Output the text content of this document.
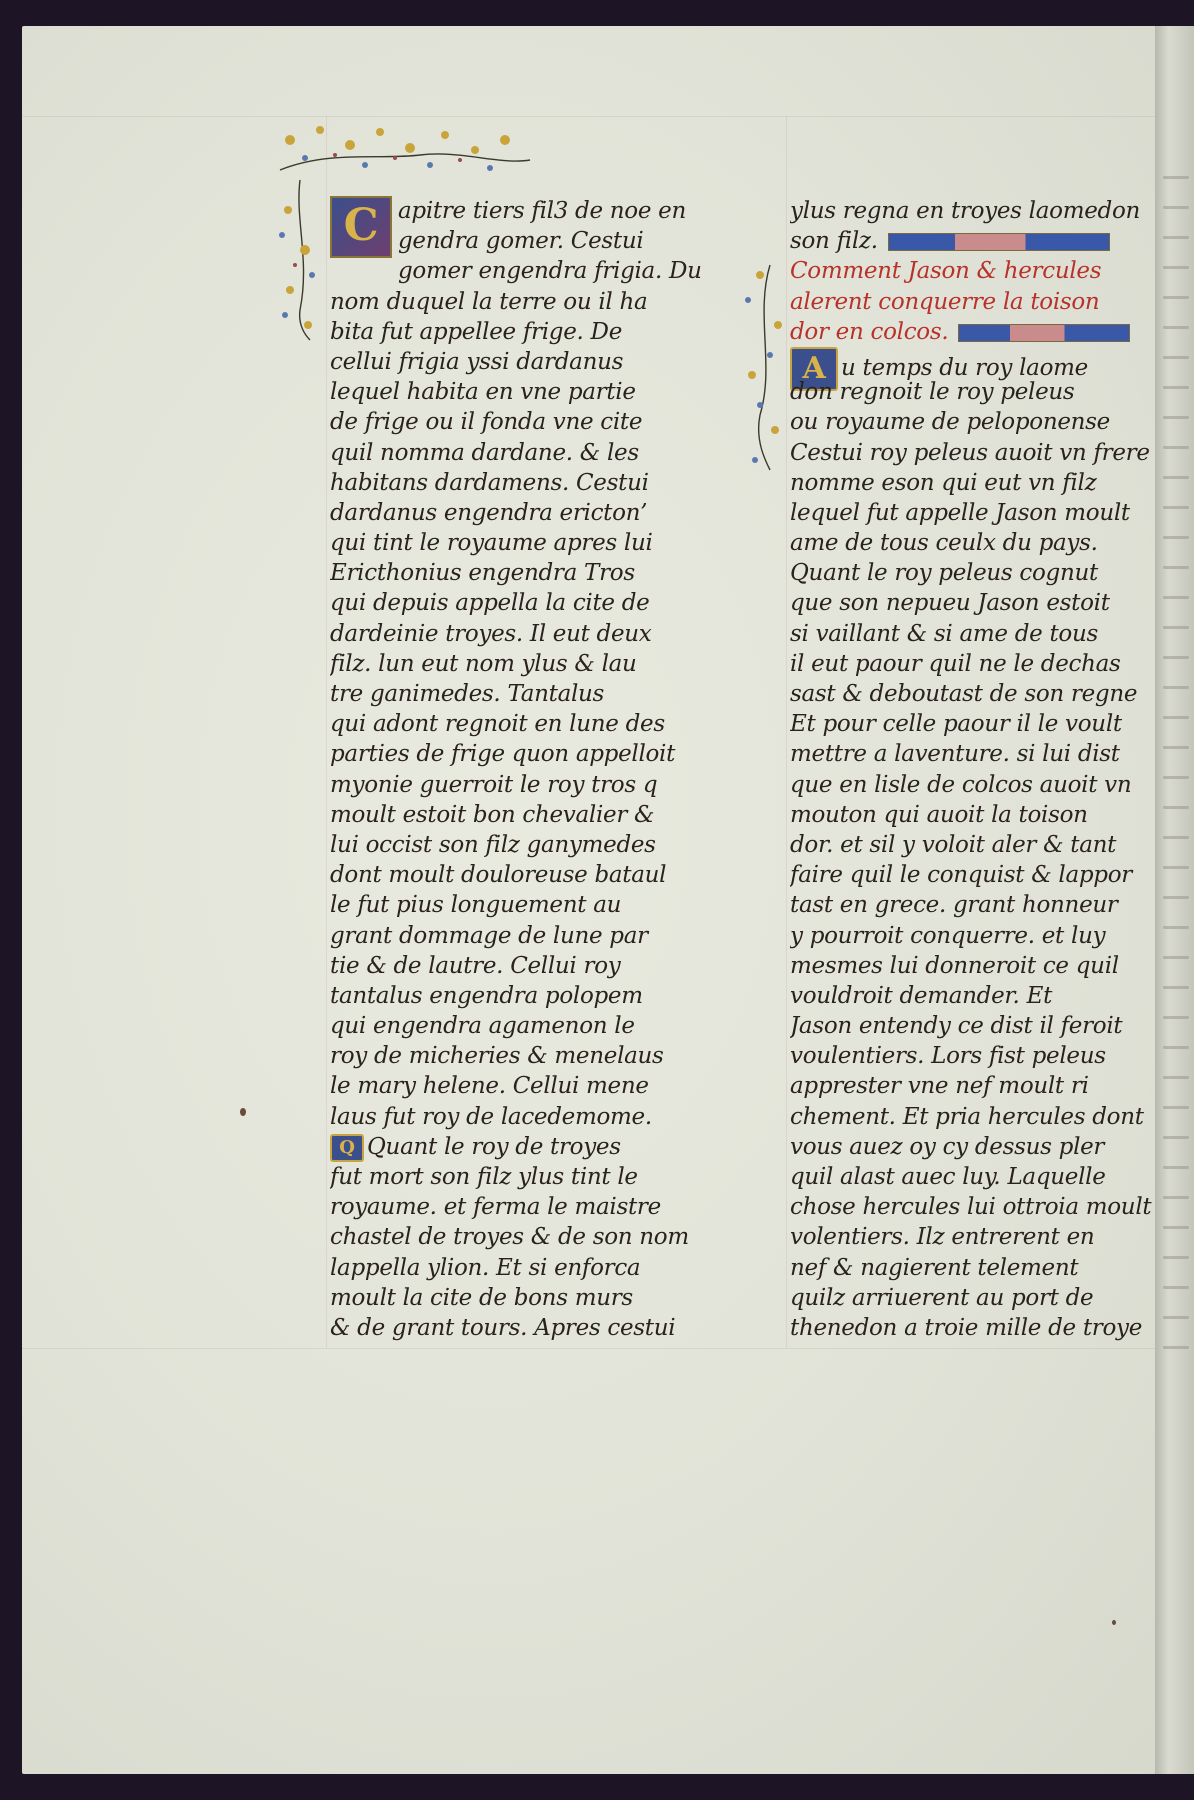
C apitre tiers fil3 de noe en
gendra gomer. Cestui
gomer engendra frigia. Du
nom duquel la terre ou il ha
bita fut appellee frige. De
cellui frigia yssi dardanus
lequel habita en vne partie
de frige ou il fonda vne cite
quil nomma dardane. & les
habitans dardamens. Cestui
dardanus engendra ericton’
qui tint le royaume apres lui
Ericthonius engendra Tros
qui depuis appella la cite de
dardeinie troyes. Il eut deux
filz. lun eut nom ylus & lau
tre ganimedes. Tantalus
qui adont regnoit en lune des
parties de frige quon appelloit
myonie guerroit le roy tros q
moult estoit bon chevalier &
lui occist son filz ganymedes
dont moult douloreuse bataul
le fut pius longuement au
grant dommage de lune par
tie & de lautre. Cellui roy
tantalus engendra polopem
qui engendra agamenon le
roy de micheries & menelaus
le mary helene. Cellui mene
laus fut roy de lacedemome.
Q Quant le roy de troyes
fut mort son filz ylus tint le
royaume. et ferma le maistre
chastel de troyes & de son nom
lappella ylion. Et si enforca
moult la cite de bons murs
& de grant tours. Apres cestui
ylus regna en troyes laomedon
son filz.
Comment Jason & hercules
alerent conquerre la toison
dor en colcos.
A u temps du roy laome
don regnoit le roy peleus
ou royaume de peloponense
Cestui roy peleus auoit vn frere
nomme eson qui eut vn filz
lequel fut appelle Jason moult
ame de tous ceulx du pays.
Quant le roy peleus cognut
que son nepueu Jason estoit
si vaillant & si ame de tous
il eut paour quil ne le dechas
sast & deboutast de son regne
Et pour celle paour il le voult
mettre a laventure. si lui dist
que en lisle de colcos auoit vn
mouton qui auoit la toison
dor. et sil y voloit aler & tant
faire quil le conquist & lappor
tast en grece. grant honneur
y pourroit conquerre. et luy
mesmes lui donneroit ce quil
vouldroit demander. Et
Jason entendy ce dist il feroit
voulentiers. Lors fist peleus
apprester vne nef moult ri
chement. Et pria hercules dont
vous auez oy cy dessus pler
quil alast auec luy. Laquelle
chose hercules lui ottroia moult
volentiers. Ilz entrerent en
nef & nagierent telement
quilz arriuerent au port de
thenedon a troie mille de troye
